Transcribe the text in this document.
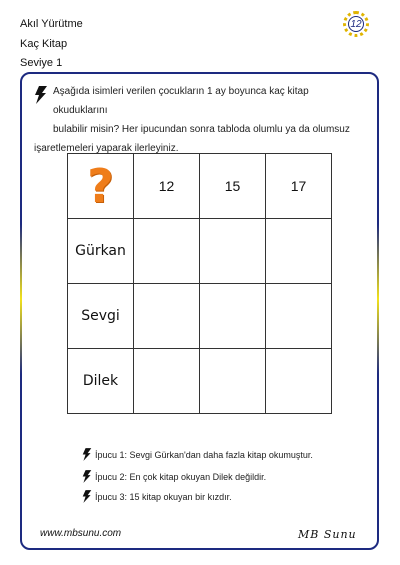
Akıl Yürütme
Kaç Kitap
Seviye 1
12
Aşağıda isimleri verilen çocukların 1 ay boyunca kaç kitap okuduklarını
bulabilir misin? Her ipucundan sonra tabloda olumlu ya da olumsuz
işaretlemeleri yaparak ilerleyiniz.
?	12	15	17
Gürkan			
Sevgi			
Dilek			
İpucu 1: Sevgi Gürkan'dan daha fazla kitap okumuştur.
İpucu 2: En çok kitap okuyan Dilek değildir.
İpucu 3: 15 kitap okuyan bir kızdır.
www.mbsunu.com	MB Sunu
